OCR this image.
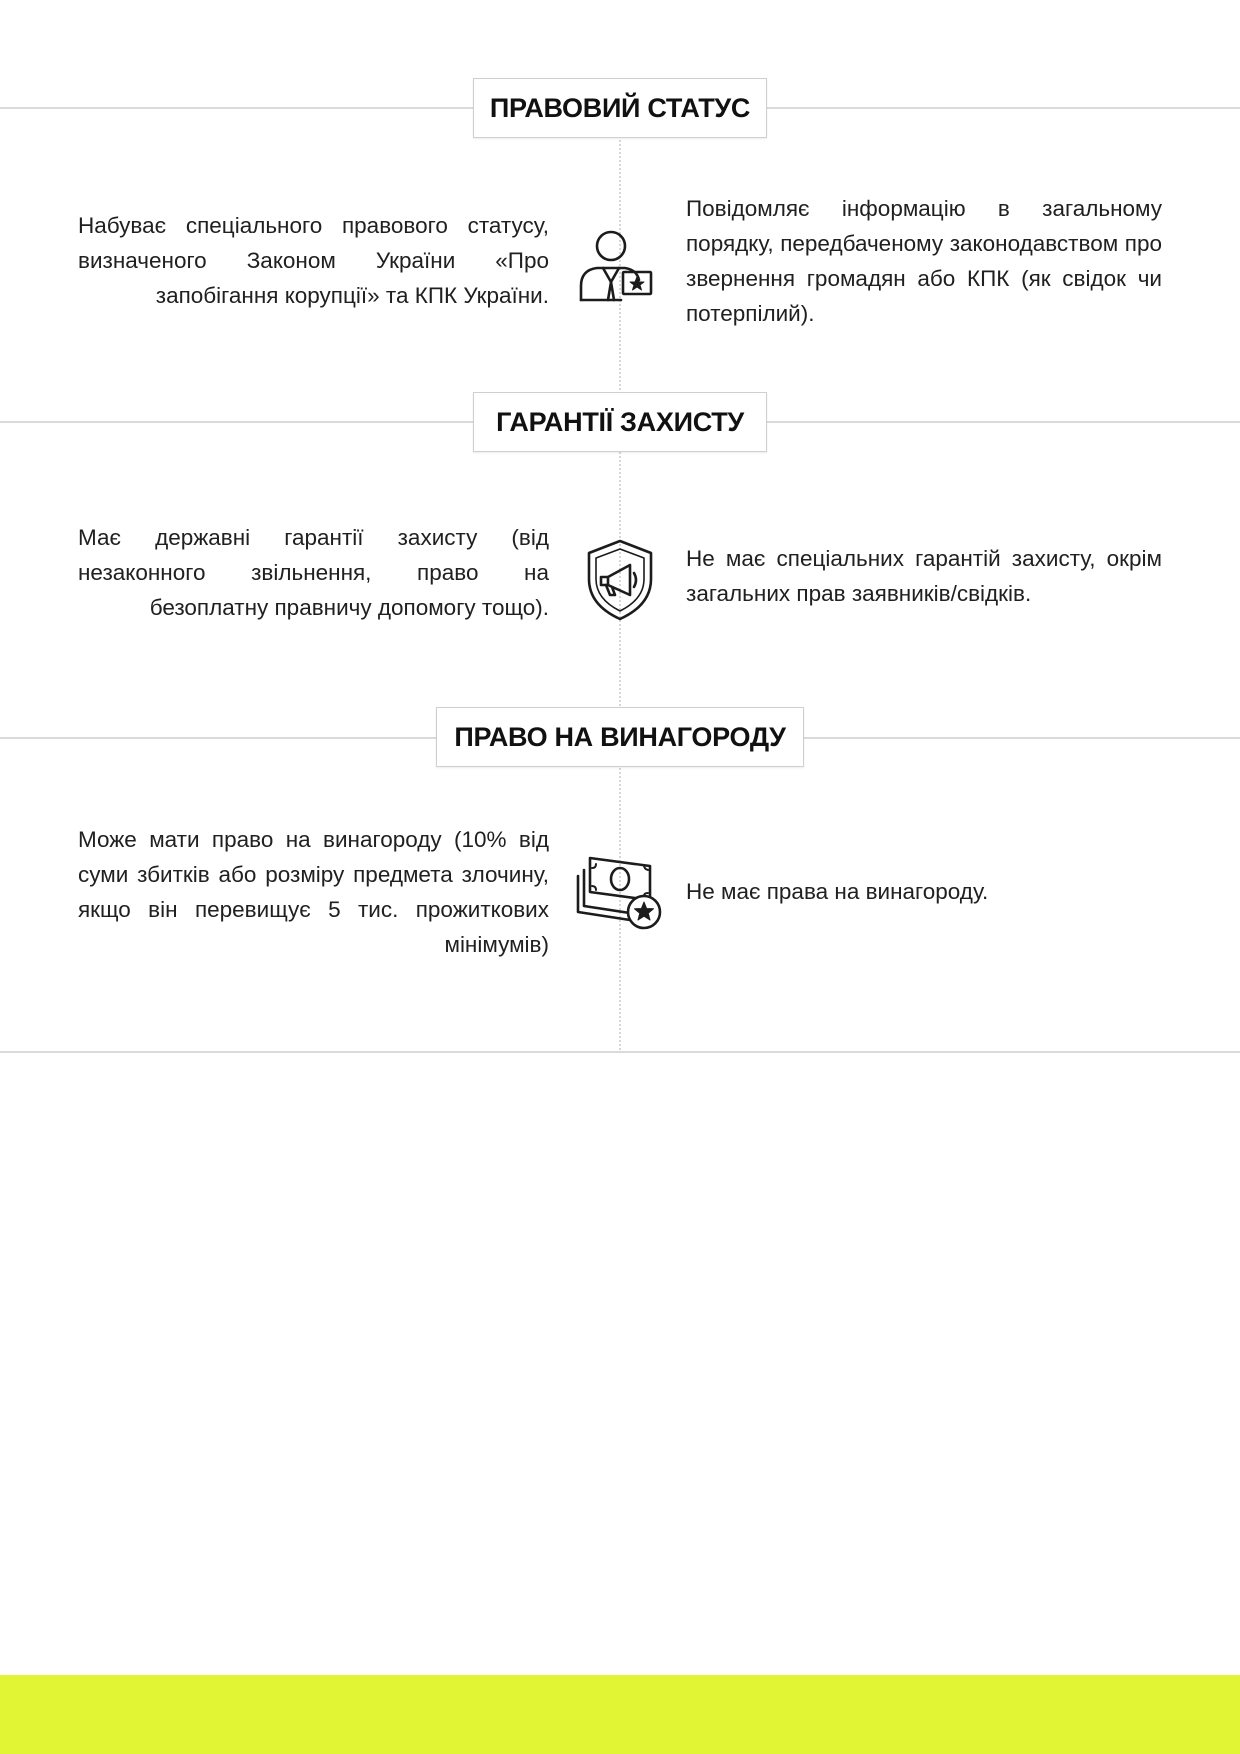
ПРАВОВИЙ СТАТУС
Набуває спеціального правового статусу, визначеного Законом України «Про запобігання корупції» та КПК України.
Повідомляє інформацію в загальному порядку, передбаченому законодавством про звернення громадян або КПК (як свідок чи потерпілий).
ГАРАНТІЇ ЗАХИСТУ
Має державні гарантії захисту (від незаконного звільнення, право на безоплатну правничу допомогу тощо).
Не має спеціальних гарантій захисту, окрім загальних прав заявників/свідків.
ПРАВО НА ВИНАГОРОДУ
Може мати право на винагороду (10% від суми збитків або розміру предмета злочину, якщо він перевищує 5 тис. прожиткових мінімумів)
Не має права на винагороду.
